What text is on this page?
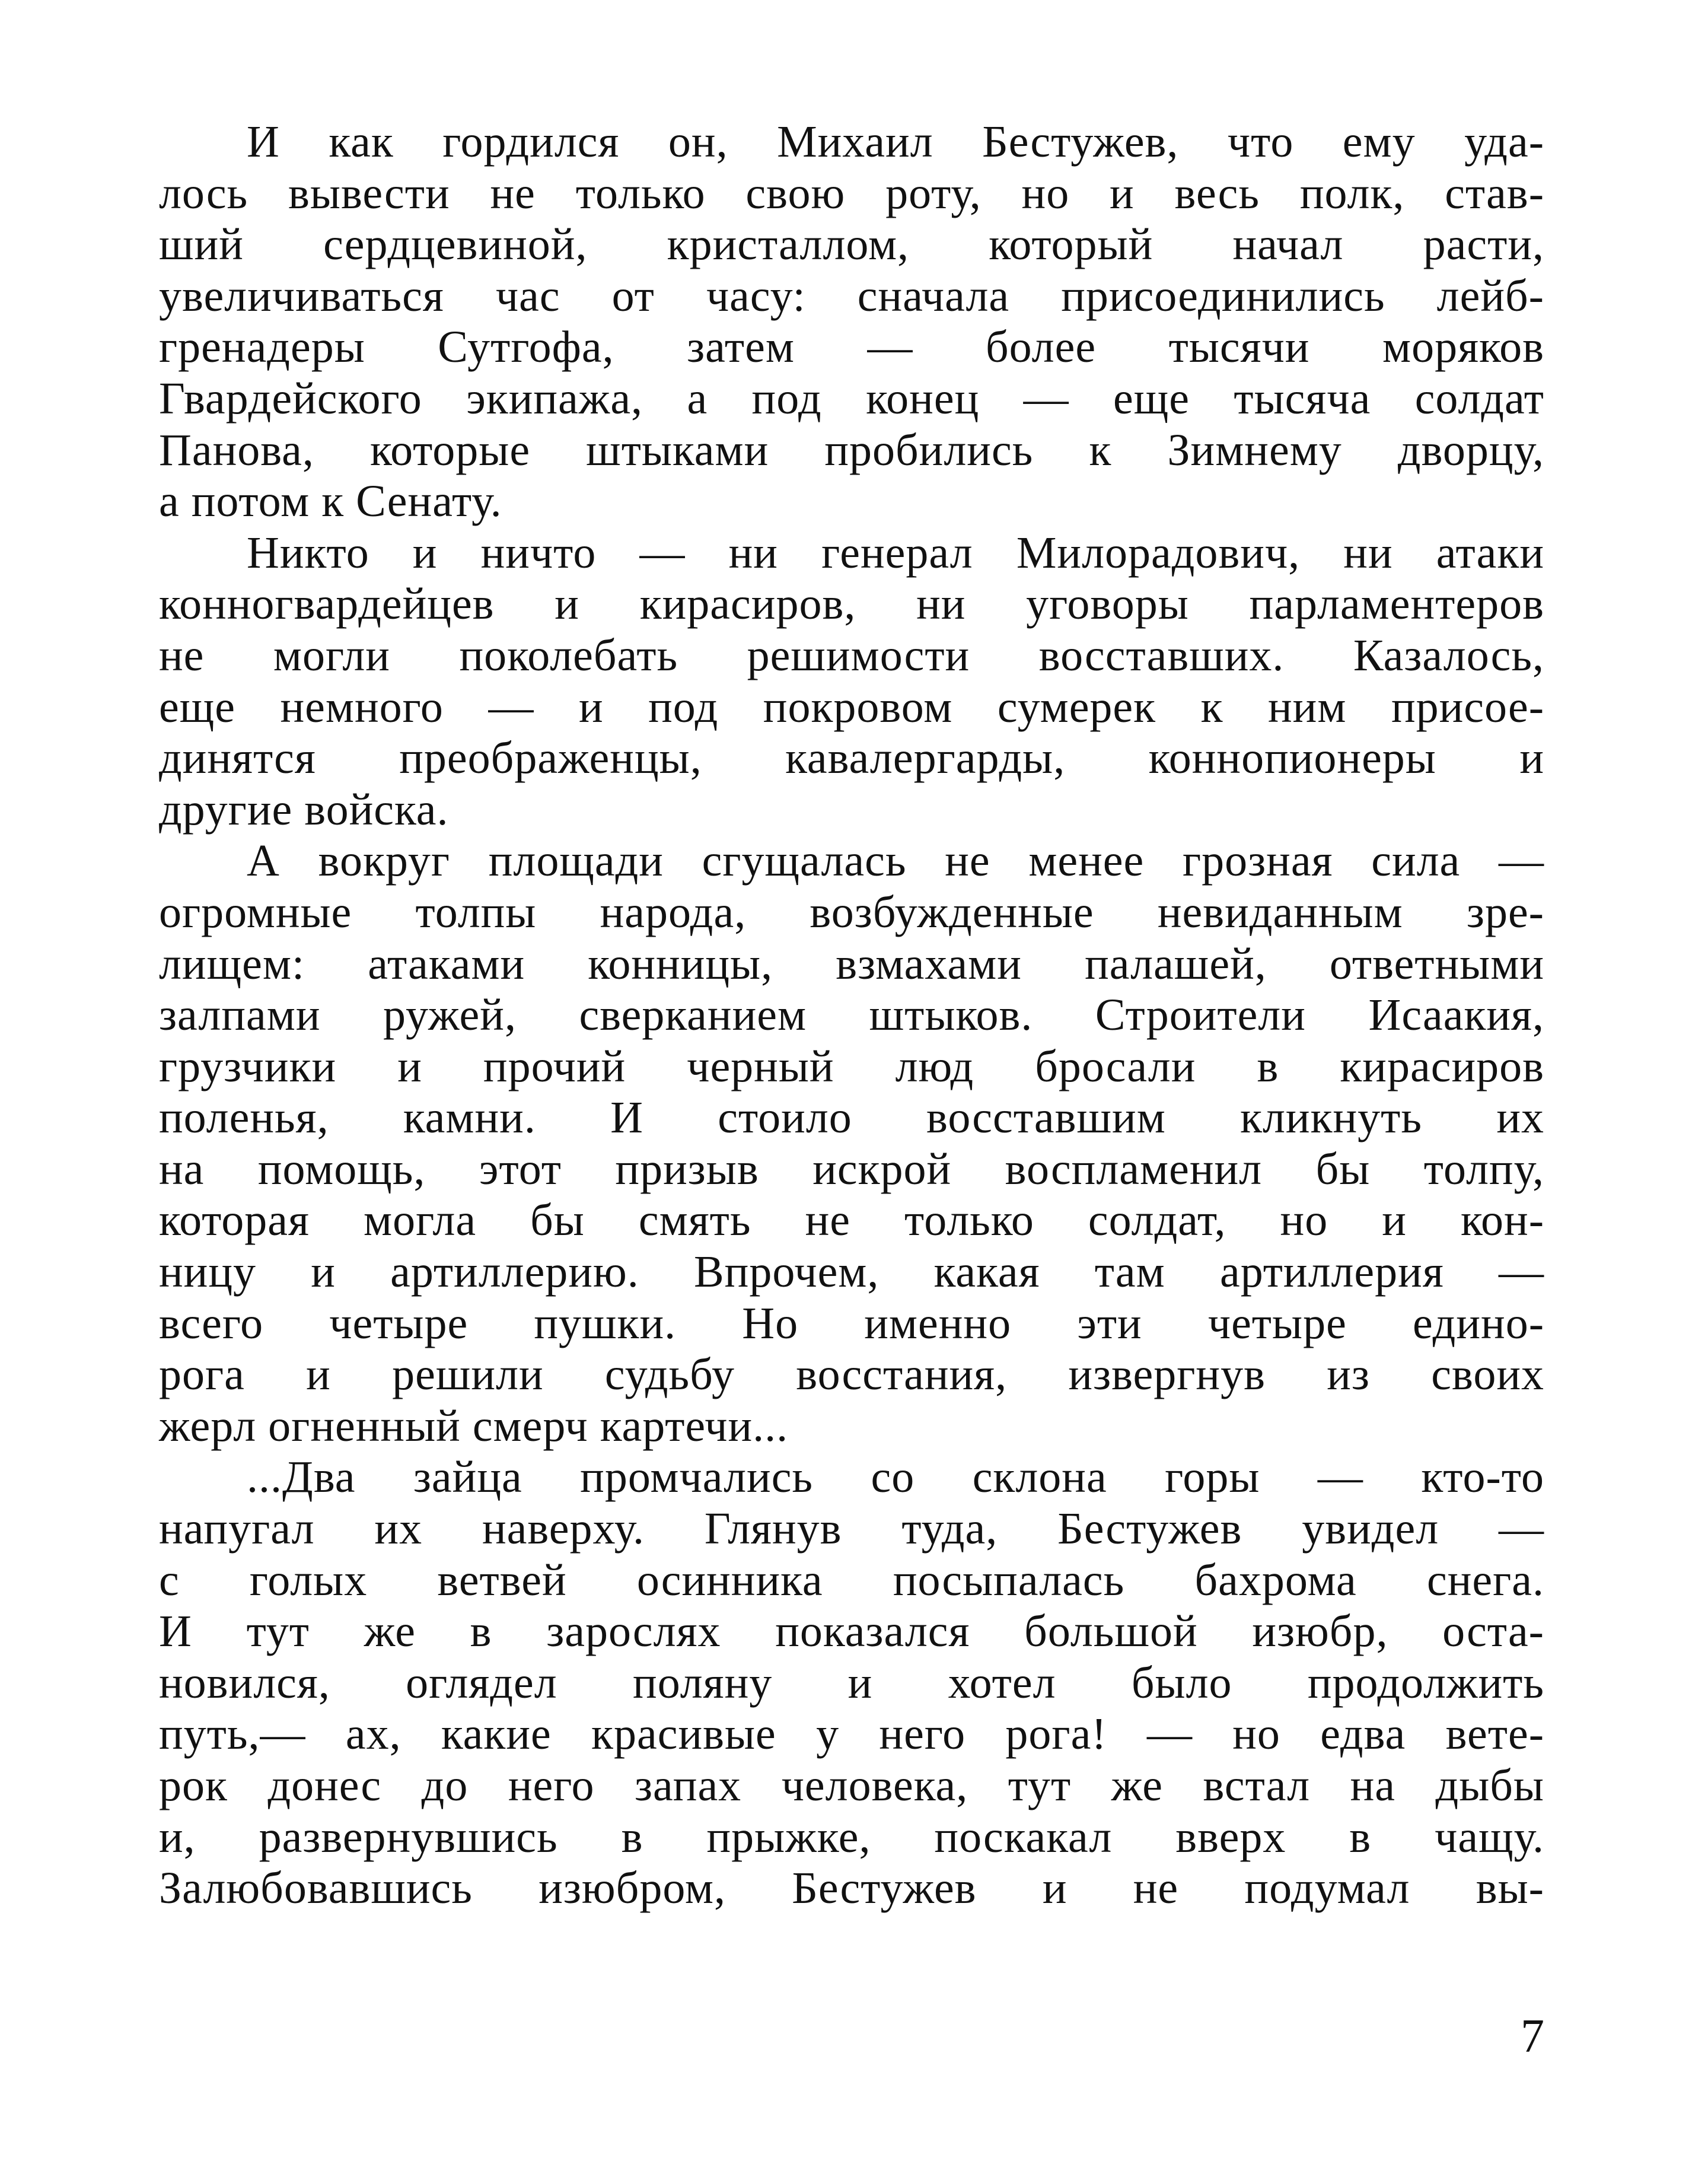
И как гордился он, Михаил Бестужев, что ему уда-
лось вывести не только свою роту, но и весь полк, став-
ший сердцевиной, кристаллом, который начал расти,
увеличиваться час от часу: сначала присоединились лейб-
гренадеры Сутгофа, затем — более тысячи моряков
Гвардейского экипажа, а под конец — еще тысяча солдат
Панова, которые штыками пробились к Зимнему дворцу,
а потом к Сенату.
Никто и ничто — ни генерал Милорадович, ни атаки
конногвардейцев и кирасиров, ни уговоры парламентеров
не могли поколебать решимости восставших. Казалось,
еще немного — и под покровом сумерек к ним присое-
динятся преображенцы, кавалергарды, коннопионеры и
другие войска.
А вокруг площади сгущалась не менее грозная сила —
огромные толпы народа, возбужденные невиданным зре-
лищем: атаками конницы, взмахами палашей, ответными
залпами ружей, сверканием штыков. Строители Исаакия,
грузчики и прочий черный люд бросали в кирасиров
поленья, камни. И стоило восставшим кликнуть их
на помощь, этот призыв искрой воспламенил бы толпу,
которая могла бы смять не только солдат, но и кон-
ницу и артиллерию. Впрочем, какая там артиллерия —
всего четыре пушки. Но именно эти четыре едино-
рога и решили судьбу восстания, извергнув из своих
жерл огненный смерч картечи...
...Два зайца промчались со склона горы — кто-то
напугал их наверху. Глянув туда, Бестужев увидел —
с голых ветвей осинника посыпалась бахрома снега.
И тут же в зарослях показался большой изюбр, оста-
новился, оглядел поляну и хотел было продолжить
путь,— ах, какие красивые у него рога! — но едва вете-
рок донес до него запах человека, тут же встал на дыбы
и, развернувшись в прыжке, поскакал вверх в чащу.
Залюбовавшись изюбром, Бестужев и не подумал вы-
7
